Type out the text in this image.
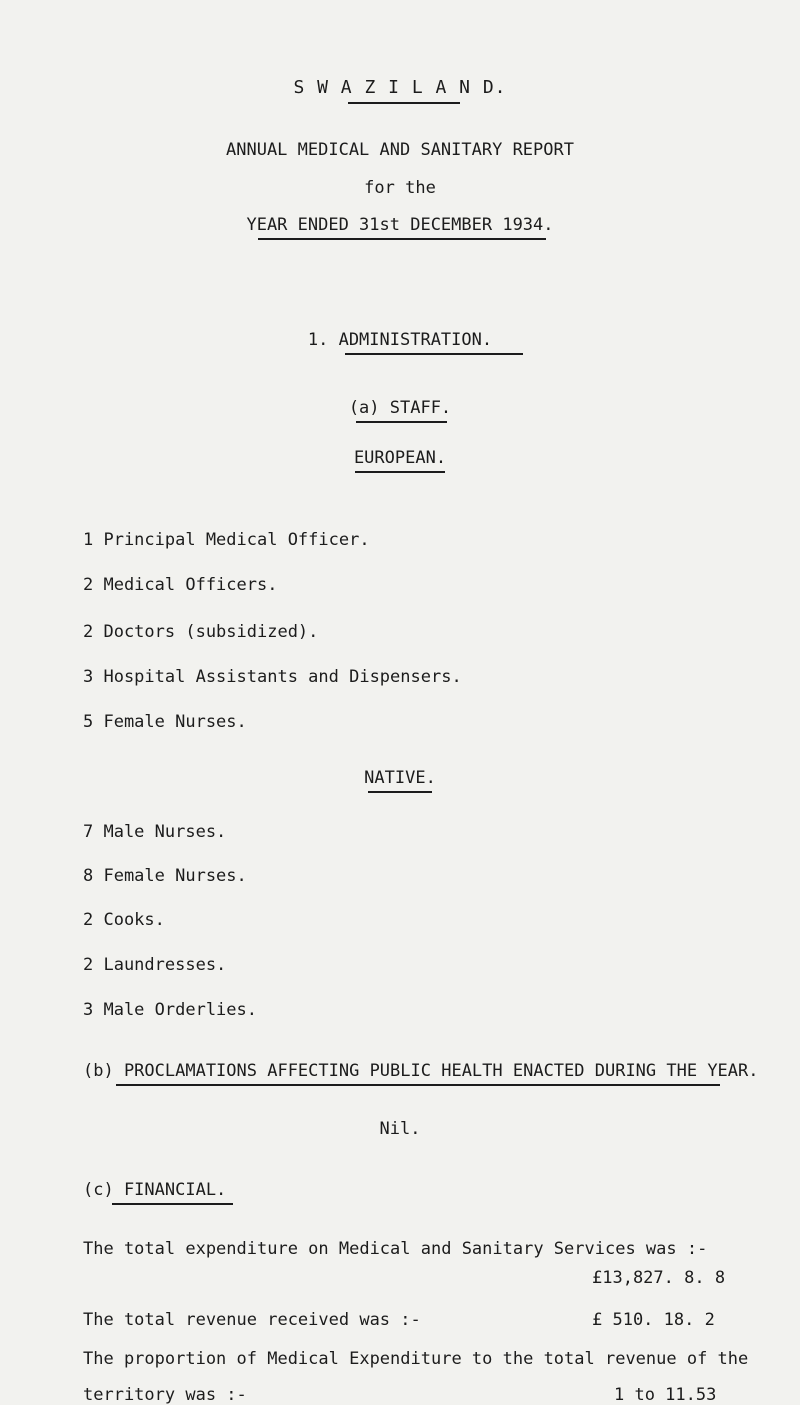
S W A Z I L A N D.
ANNUAL MEDICAL AND SANITARY REPORT
for the
YEAR ENDED 31st DECEMBER 1934.
1. ADMINISTRATION.
(a) STAFF.
EUROPEAN.
1 Principal Medical Officer.
2 Medical Officers.
2 Doctors (subsidized).
3 Hospital Assistants and Dispensers.
5 Female Nurses.
NATIVE.
7 Male Nurses.
8 Female Nurses.
2 Cooks.
2 Laundresses.
3 Male Orderlies.
(b) PROCLAMATIONS AFFECTING PUBLIC HEALTH ENACTED DURING THE YEAR.
Nil.
(c) FINANCIAL.
The total expenditure on Medical and Sanitary Services was :-
£13,827. 8. 8
The total revenue received was :-	£ 510. 18. 2
The proportion of Medical Expenditure to the total revenue of the
territory was :-	1 to 11.53
